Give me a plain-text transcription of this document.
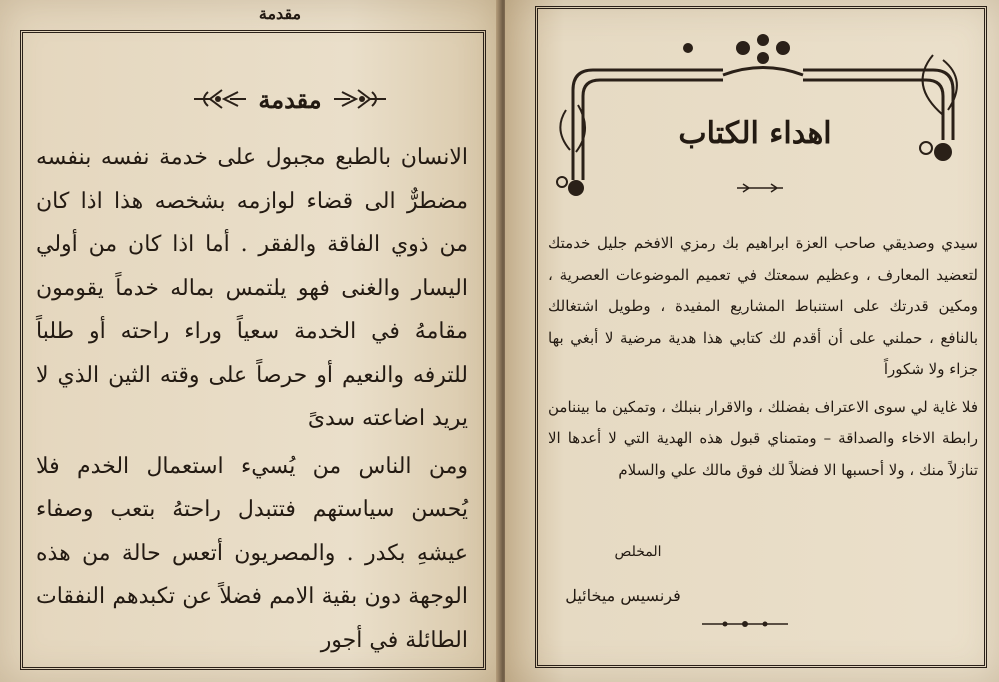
مقدمة
مقدمة

الانسان بالطبع مجبول على خدمة نفسه بنفسه مضطرٌّ الى قضاء لوازمه بشخصه هذا اذا كان من ذوي الفاقة والفقر . أما اذا كان من أولي اليسار والغنى فهو يلتمس بماله خدماً يقومون مقامهُ في الخدمة سعياً وراء راحته أو طلباً للترفه والنعيم أو حرصاً على وقته الثين الذي لا يريد اضاعته سدىً

ومن الناس من يُسيء استعمال الخدم فلا يُحسن سياستهم فتتبدل راحتهُ بتعب وصفاء عيشهِ بكدر . والمصريون أتعس حالة من هذه الوجهة دون بقية الامم فضلاً عن تكبدهم النفقات الطائلة في أجور

اهداء الكتاب

سيدي وصديقي صاحب العزة ابراهيم بك رمزي الافخم جليل خدمتك لتعضيد المعارف ، وعظيم سمعتك في تعميم الموضوعات العصرية ، ومكين قدرتك على استنباط المشاريع المفيدة ، وطويل اشتغالك بالنافع ، حملني على أن أقدم لك كتابي هذا هدية مرضية لا أبغي بها جزاء ولا شكوراً

فلا غاية لي سوى الاعتراف بفضلك ، والاقرار بنبلك ، وتمكين ما بيننامن رابطة الاخاء والصداقة – ومتمناي قبول هذه الهدية التي لا أعدها الا تنازلاً منك ، ولا أحسبها الا فضلاً لك فوق مالك علي والسلام

المخلص
فرنسيس ميخائيل
